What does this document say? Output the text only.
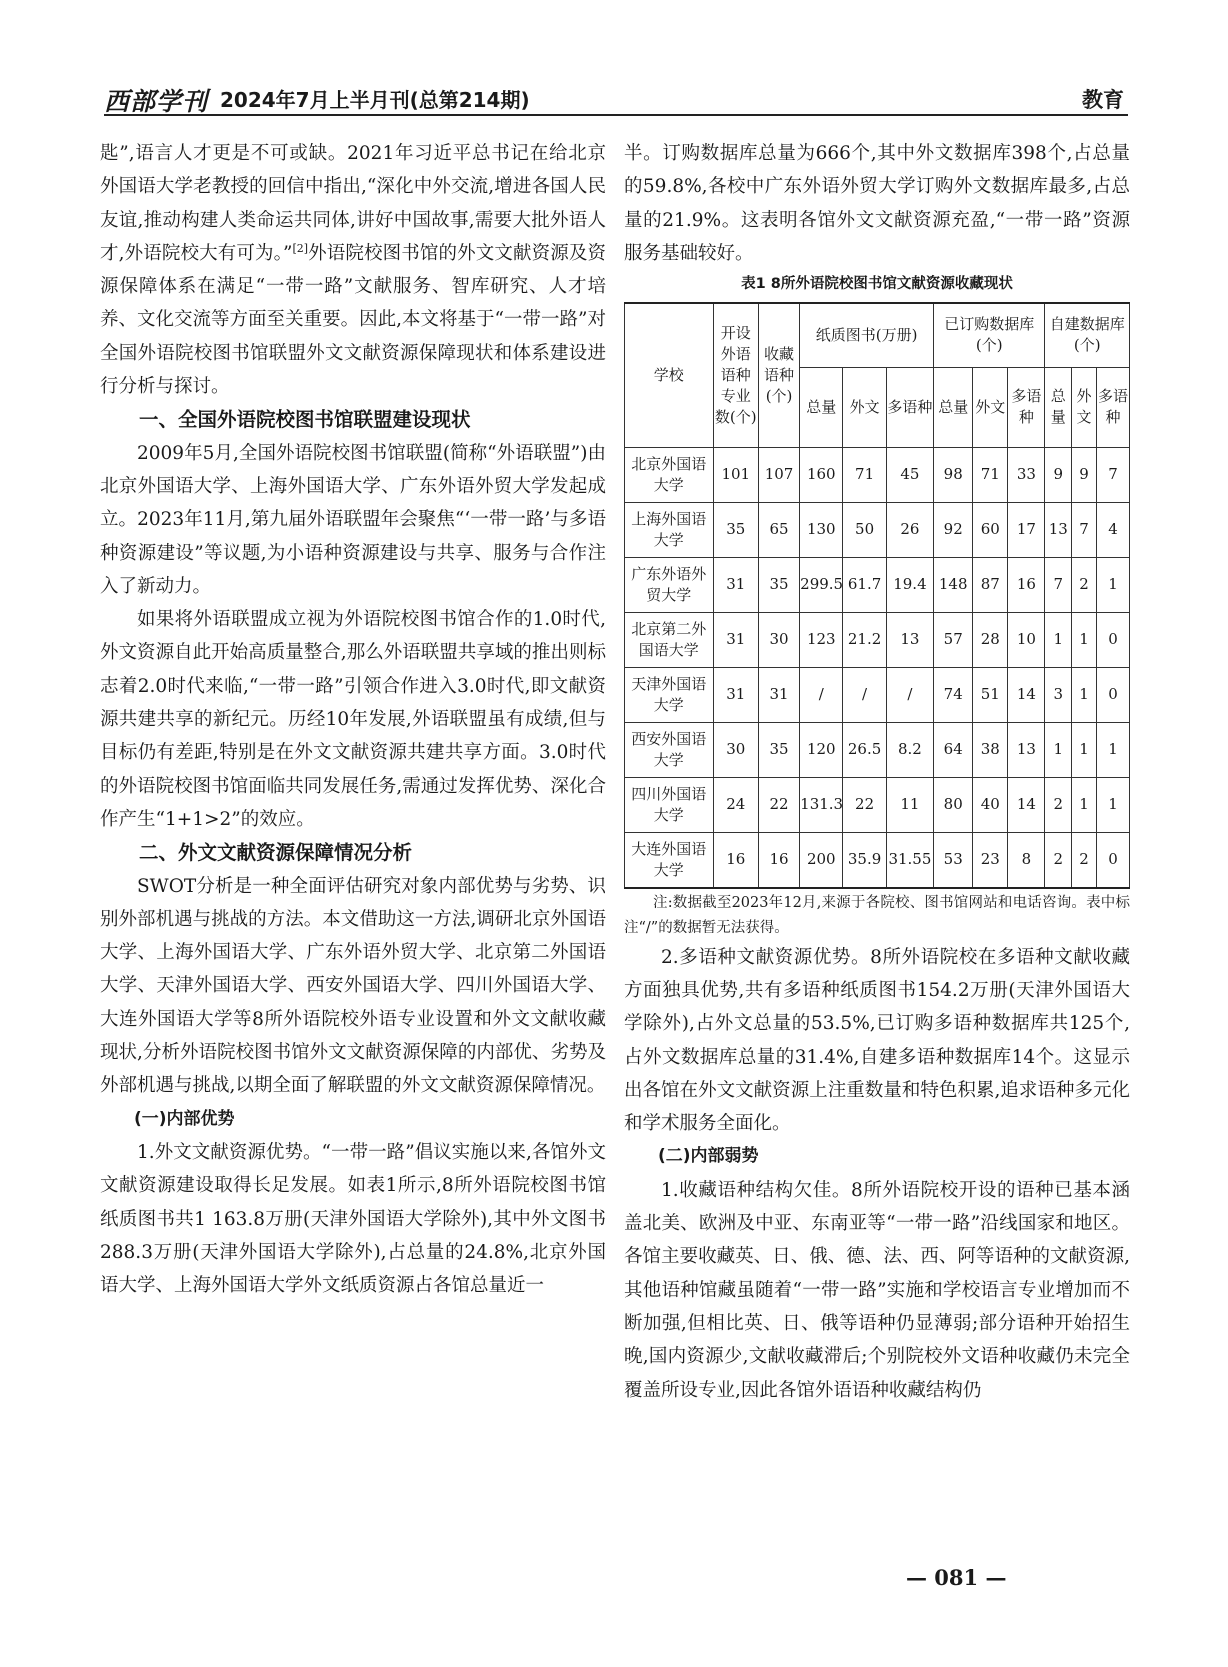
西部学刊 2024年7月上半月刊(总第214期)	教育

匙”,语言人才更是不可或缺。2021年习近平总书记在给北京外国语大学老教授的回信中指出,“深化中外交流,增进各国人民友谊,推动构建人类命运共同体,讲好中国故事,需要大批外语人才,外语院校大有可为。”[2]外语院校图书馆的外文文献资源及资源保障体系在满足“一带一路”文献服务、智库研究、人才培养、文化交流等方面至关重要。因此,本文将基于“一带一路”对全国外语院校图书馆联盟外文文献资源保障现状和体系建设进行分析与探讨。

一、全国外语院校图书馆联盟建设现状

2009年5月,全国外语院校图书馆联盟(简称“外语联盟”)由北京外国语大学、上海外国语大学、广东外语外贸大学发起成立。2023年11月,第九届外语联盟年会聚焦“‘一带一路’与多语种资源建设”等议题,为小语种资源建设与共享、服务与合作注入了新动力。

如果将外语联盟成立视为外语院校图书馆合作的1.0时代,外文资源自此开始高质量整合,那么外语联盟共享域的推出则标志着2.0时代来临,“一带一路”引领合作进入3.0时代,即文献资源共建共享的新纪元。历经10年发展,外语联盟虽有成绩,但与目标仍有差距,特别是在外文文献资源共建共享方面。3.0时代的外语院校图书馆面临共同发展任务,需通过发挥优势、深化合作产生“1+1>2”的效应。

二、外文文献资源保障情况分析

SWOT分析是一种全面评估研究对象内部优势与劣势、识别外部机遇与挑战的方法。本文借助这一方法,调研北京外国语大学、上海外国语大学、广东外语外贸大学、北京第二外国语大学、天津外国语大学、西安外国语大学、四川外国语大学、大连外国语大学等8所外语院校外语专业设置和外文文献收藏现状,分析外语院校图书馆外文文献资源保障的内部优、劣势及外部机遇与挑战,以期全面了解联盟的外文文献资源保障情况。

(一)内部优势

1.外文文献资源优势。“一带一路”倡议实施以来,各馆外文文献资源建设取得长足发展。如表1所示,8所外语院校图书馆纸质图书共1 163.8万册(天津外国语大学除外),其中外文图书288.3万册(天津外国语大学除外),占总量的24.8%,北京外国语大学、上海外国语大学外文纸质资源占各馆总量近一

半。订购数据库总量为666个,其中外文数据库398个,占总量的59.8%,各校中广东外语外贸大学订购外文数据库最多,占总量的21.9%。这表明各馆外文文献资源充盈,“一带一路”资源服务基础较好。

表1 8所外语院校图书馆文献资源收藏现状
学校	开设外语语种专业数(个)	收藏语种(个)	纸质图书(万册)			已订购数据库(个)			自建数据库(个)		
			总量	外文	多语种	总量	外文	多语种	总量	外文	多语种
北京外国语大学	101	107	160	71	45	98	71	33	9	9	7
上海外国语大学	35	65	130	50	26	92	60	17	13	7	4
广东外语外贸大学	31	35	299.5	61.7	19.4	148	87	16	7	2	1
北京第二外国语大学	31	30	123	21.2	13	57	28	10	1	1	0
天津外国语大学	31	31	/	/	/	74	51	14	3	1	0
西安外国语大学	30	35	120	26.5	8.2	64	38	13	1	1	1
四川外国语大学	24	22	131.3	22	11	80	40	14	2	1	1
大连外国语大学	16	16	200	35.9	31.55	53	23	8	2	2	0

注:数据截至2023年12月,来源于各院校、图书馆网站和电话咨询。表中标注“/”的数据暂无法获得。

2.多语种文献资源优势。8所外语院校在多语种文献收藏方面独具优势,共有多语种纸质图书154.2万册(天津外国语大学除外),占外文总量的53.5%,已订购多语种数据库共125个,占外文数据库总量的31.4%,自建多语种数据库14个。这显示出各馆在外文文献资源上注重数量和特色积累,追求语种多元化和学术服务全面化。

(二)内部弱势

1.收藏语种结构欠佳。8所外语院校开设的语种已基本涵盖北美、欧洲及中亚、东南亚等“一带一路”沿线国家和地区。各馆主要收藏英、日、俄、德、法、西、阿等语种的文献资源,其他语种馆藏虽随着“一带一路”实施和学校语言专业增加而不断加强,但相比英、日、俄等语种仍显薄弱;部分语种开始招生晚,国内资源少,文献收藏滞后;个别院校外文语种收藏仍未完全覆盖所设专业,因此各馆外语语种收藏结构仍

— 081 —
